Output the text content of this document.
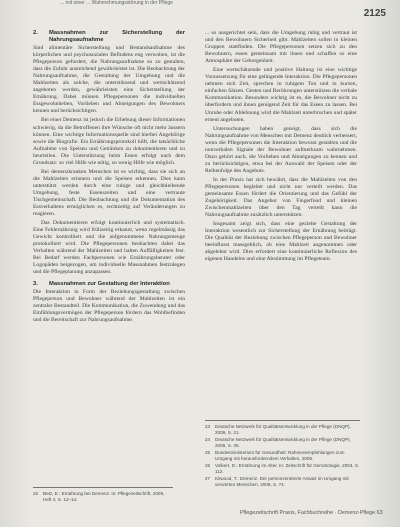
... mit einer ... Wahrnehmungsstörung in der Pflege
2125
2.	Massnahmen zur Sicherstellung der Nahrungsaufnahme

Sind alimentäre Sicherstellung und Bestandsaufnahme des körperlichen und psychosozialen Befindens eng verwoben, ist die Pflegeperson gefordert, die Nahrungsaufnahme so zu gestalten, dass die Zufuhr ausreichend gewährleistet ist. Die Beobachtung der Nahrungsaufnahme, die Gestaltung der Umgebung und die Mahlzeiten als solche, die unterstützend und wertschätzend angeboten werden, gewährleisten eine Sicherstellung der Ernährung. Dabei müssen Pflegepersonen die individuellen Essgewohnheiten, Vorlieben und Abneigungen des Bewohners kennen und berücksichtigen.

Bei einer Demenz ist jedoch die Erhebung dieser Informationen schwierig, da die Betroffenen ihre Wünsche oft nicht mehr äussern können. Eine wichtige Informationsquelle sind hierbei Angehörige sowie die Biografie. Ein Ernährungsprotokoll hilft, die tatsächliche Aufnahme von Speisen und Getränken zu dokumentieren und zu beurteilen. Die Unterstützung beim Essen erfolgt nach dem Grundsatz: so viel Hilfe wie nötig, so wenig Hilfe wie möglich.

Bei demenzkranken Menschen ist es wichtig, dass sie sich an die Mahlzeiten erinnern und die Speisen erkennen. Dies kann unterstützt werden durch eine ruhige und gleichbleibende Umgebung, feste Essenszeiten und eine vertraute Tischgemeinschaft. Die Beobachtung und die Dokumentation des Essverhaltens ermöglichen es, rechtzeitig auf Veränderungen zu reagieren.

Das Dokumentieren erfolgt kontinuierlich und systematisch. Eine Fehlernährung wird frühzeitig erkannt, wenn regelmässig das Gewicht kontrolliert und die aufgenommene Nahrungsmenge protokolliert wird. Die Pflegepersonen beobachten dabei das Verhalten während der Mahlzeiten und halten Auffälligkeiten fest. Bei Bedarf werden Fachpersonen wie Ernährungsberater oder Logopäden beigezogen, um individuelle Massnahmen festzulegen und die Pflegeplanung anzupassen.

3.	Massnahmen zur Gestaltung der Interaktion

Die Interaktion in Form der Beziehungsgestaltung zwischen Pflegeperson und Bewohner während der Mahlzeiten ist ein zentraler Bestandteil. Die Kommunikation, die Zuwendung und das Einfühlungsvermögen der Pflegeperson fördern das Wohlbefinden und die Bereitschaft zur Nahrungsaufnahme.

22	Betz, E.: Ernährung bei Demenz. In: Pflegezeitschrift, 2009, Heft 4, S. 12–14.

... so ausgerichtet sein, dass die Umgebung ruhig und vertraut ist und den Bewohnern Sicherheit gibt. Mahlzeiten sollen in kleinen Gruppen stattfinden. Die Pflegepersonen setzen sich zu den Bewohnern, essen gemeinsam mit ihnen und schaffen so eine Atmosphäre der Geborgenheit.

Eine wertschätzende und positive Haltung ist eine wichtige Voraussetzung für eine gelingende Interaktion. Die Pflegepersonen nehmen sich Zeit, sprechen in ruhigem Ton und in kurzen, einfachen Sätzen. Gesten und Berührungen unterstützen die verbale Kommunikation. Besonders wichtig ist es, die Bewohner nicht zu überfordern und ihnen genügend Zeit für das Essen zu lassen. Bei Unruhe oder Ablehnung wird die Mahlzeit unterbrochen und später erneut angeboten.

Untersuchungen haben gezeigt, dass sich die Nahrungsaufnahme von Menschen mit Demenz deutlich verbessert, wenn die Pflegepersonen die Interaktion bewusst gestalten und die nonverbalen Signale der Bewohner aufmerksam wahrnehmen. Dazu gehört auch, die Vorlieben und Abneigungen zu kennen und zu berücksichtigen, etwa bei der Auswahl der Speisen oder der Reihenfolge des Angebots.

In der Praxis hat sich bewährt, dass die Mahlzeiten von den Pflegepersonen begleitet und nicht nur verteilt werden. Das gemeinsame Essen fördert die Orientierung und das Gefühl der Zugehörigkeit. Das Angebot von Fingerfood und kleinen Zwischenmahlzeiten über den Tag verteilt kann die Nahrungsaufnahme zusätzlich unterstützen.

Insgesamt zeigt sich, dass eine gezielte Gestaltung der Interaktion wesentlich zur Sicherstellung der Ernährung beiträgt. Die Qualität der Beziehung zwischen Pflegeperson und Bewohner beeinflusst massgeblich, ob eine Mahlzeit angenommen oder abgelehnt wird. Dies erfordert eine kontinuierliche Reflexion des eigenen Handelns und eine Abstimmung im Pflegeteam.

23	Deutsche Netzwerk für Qualitätsentwicklung in der Pflege (DNQP), 2009, S. 21.
24	Deutsche Netzwerk für Qualitätsentwicklung in der Pflege (DNQP), 2009, S. 35.
25	Bundesministerium für Gesundheit: Rahmenempfehlungen zum Umgang mit herausforderndem Verhalten, 2006.
26	Volkert, D.: Ernährung im Alter. In: Zeitschrift für Gerontologie, 2004, S. 112.
27	Kitwood, T.: Demenz. Der personzentrierte Ansatz im Umgang mit verwirrten Menschen, 2008, S. 74.
Pflegezeitschrift Praxis, Fachbuchreihe · Demenz-Pflege 63
